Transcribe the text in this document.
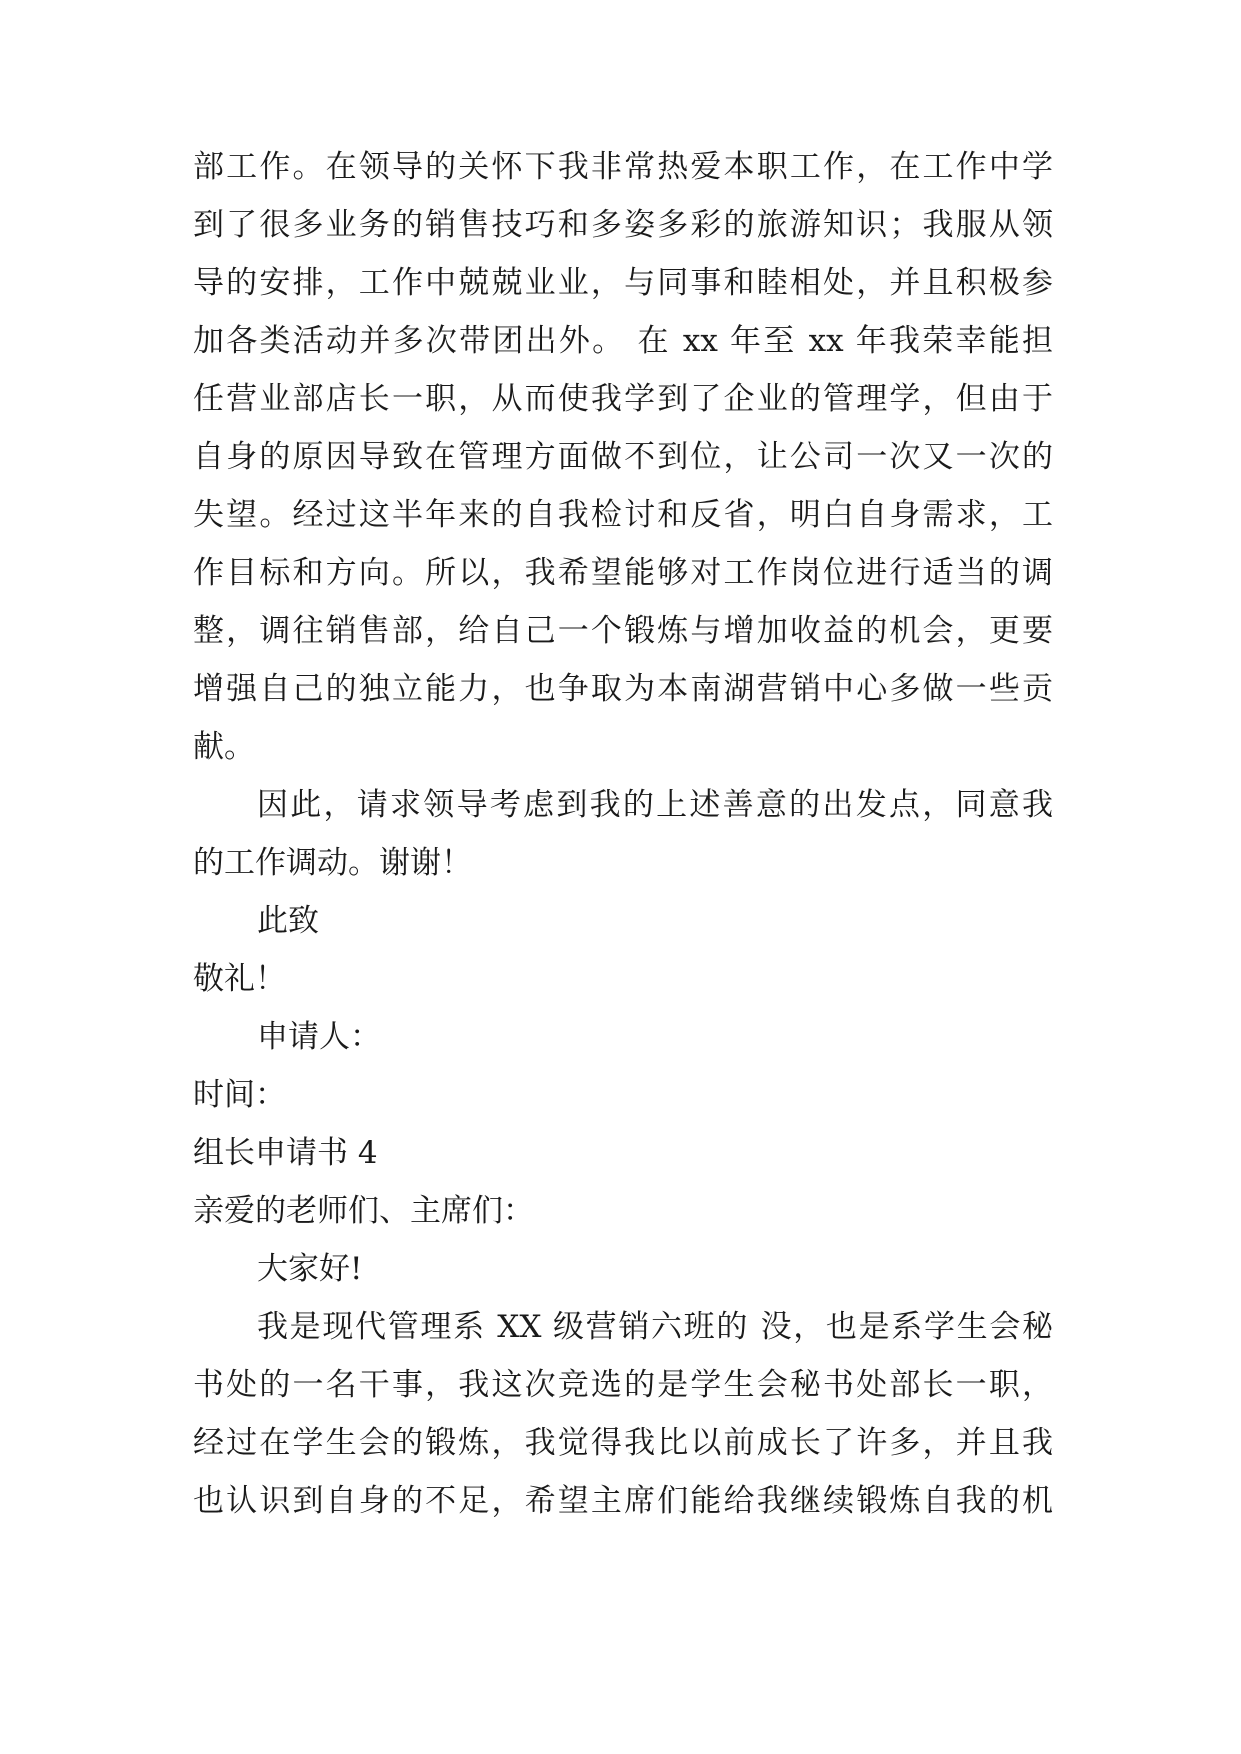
部工作。在领导的关怀下我非常热爱本职工作，在工作中学
到了很多业务的销售技巧和多姿多彩的旅游知识；我服从领
导的安排，工作中兢兢业业，与同事和睦相处，并且积极参
加各类活动并多次带团出外。 在 xx 年至 xx 年我荣幸能担
任营业部店长一职，从而使我学到了企业的管理学，但由于
自身的原因导致在管理方面做不到位，让公司一次又一次的
失望。经过这半年来的自我检讨和反省，明白自身需求，工
作目标和方向。所以，我希望能够对工作岗位进行适当的调
整，调往销售部，给自己一个锻炼与增加收益的机会，更要
增强自己的独立能力，也争取为本南湖营销中心多做一些贡
献。
因此，请求领导考虑到我的上述善意的出发点，同意我
的工作调动。谢谢！
此致
敬礼！
申请人：
时间：
组长申请书 4
亲爱的老师们、主席们：
大家好!
我是现代管理系 XX 级营销六班的 没，也是系学生会秘
书处的一名干事，我这次竞选的是学生会秘书处部长一职，
经过在学生会的锻炼，我觉得我比以前成长了许多，并且我
也认识到自身的不足，希望主席们能给我继续锻炼自我的机
